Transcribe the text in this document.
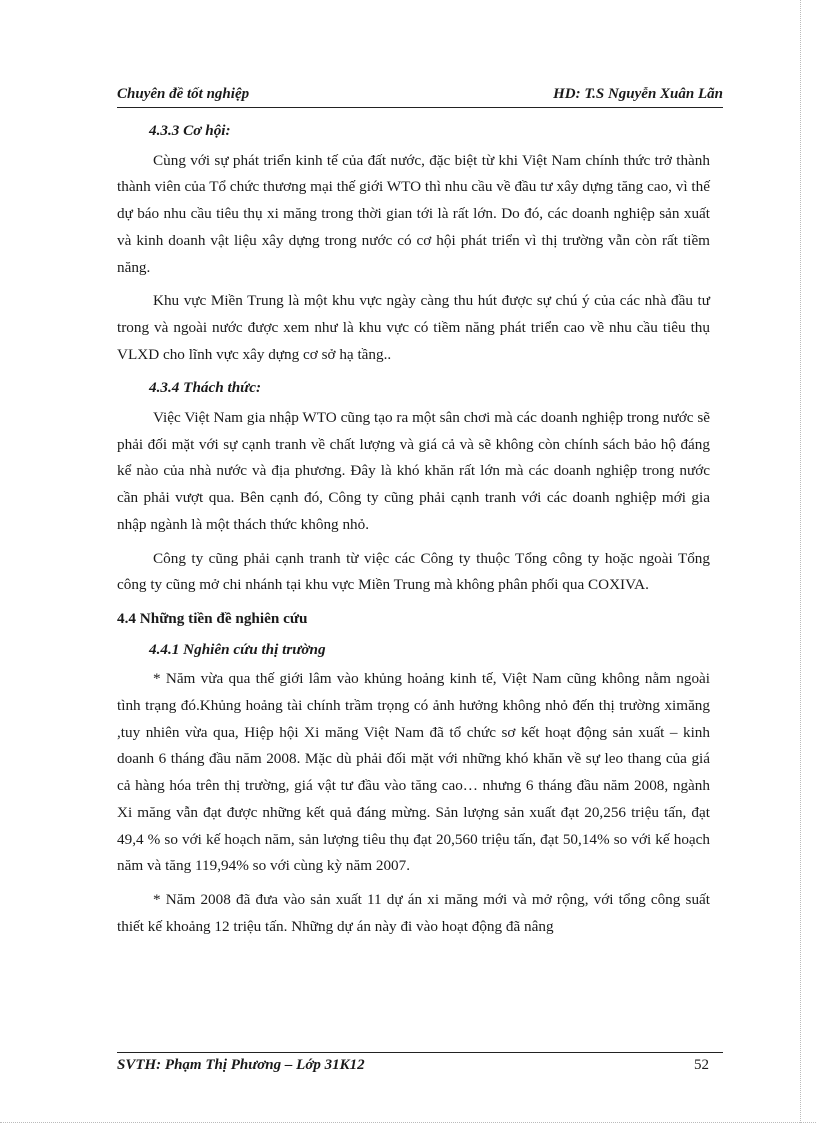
Chuyên đề tốt nghiệp	HD: T.S Nguyễn Xuân Lãn
4.3.3 Cơ hội:
Cùng với sự phát triển kinh tế của đất nước, đặc biệt từ khi Việt Nam chính thức trở thành thành viên của Tổ chức thương mại thế giới WTO thì nhu cầu về đầu tư xây dựng tăng cao, vì thế dự báo nhu cầu tiêu thụ xi măng trong thời gian tới là rất lớn. Do đó, các doanh nghiệp sản xuất và kinh doanh vật liệu xây dựng trong nước có cơ hội phát triển vì thị trường vẫn còn rất tiềm năng.
Khu vực Miền Trung là một khu vực ngày càng thu hút được sự chú ý của các nhà đầu tư trong và ngoài nước được xem như là khu vực có tiềm năng phát triển cao về nhu cầu tiêu thụ VLXD cho lĩnh vực xây dựng cơ sở hạ tầng..
4.3.4 Thách thức:
Việc Việt Nam gia nhập WTO cũng tạo ra một sân chơi mà các doanh nghiệp trong nước sẽ phải đối mặt với sự cạnh tranh về chất lượng và giá cả và sẽ không còn chính sách bảo hộ đáng kể nào của nhà nước và địa phương. Đây là khó khăn rất lớn mà các doanh nghiệp trong nước cần phải vượt qua. Bên cạnh đó, Công ty cũng phải cạnh tranh với các doanh nghiệp mới gia nhập ngành là một thách thức không nhỏ.
Công ty cũng phải cạnh tranh từ việc các Công ty thuộc Tổng công ty hoặc ngoài Tổng công ty cũng mở chi nhánh tại khu vực Miền Trung mà không phân phối qua COXIVA.
4.4 Những tiền đề nghiên cứu
4.4.1 Nghiên cứu thị trường
* Năm vừa qua thế giới lâm vào khủng hoảng kinh tế, Việt Nam cũng không nằm ngoài tình trạng đó.Khủng hoảng tài chính trầm trọng có ảnh hưởng không nhỏ đến thị trường ximăng ,tuy nhiên vừa qua, Hiệp hội Xi măng Việt Nam đã tổ chức sơ kết hoạt động sản xuất – kinh doanh 6 tháng đầu năm 2008. Mặc dù phải đối mặt với những khó khăn về sự leo thang của giá cả hàng hóa trên thị trường, giá vật tư đầu vào tăng cao… nhưng 6 tháng đầu năm 2008, ngành Xi măng vẫn đạt được những kết quả đáng mừng. Sản lượng sản xuất đạt 20,256 triệu tấn, đạt 49,4 % so với kế hoạch năm, sản lượng tiêu thụ đạt 20,560 triệu tấn, đạt 50,14% so với kế hoạch năm và tăng 119,94% so với cùng kỳ năm 2007.
* Năm 2008 đã đưa vào sản xuất 11 dự án xi măng mới và mở rộng, với tổng công suất thiết kế khoảng 12 triệu tấn. Những dự án này đi vào hoạt động đã nâng
SVTH: Phạm Thị Phương – Lớp 31K12	52
